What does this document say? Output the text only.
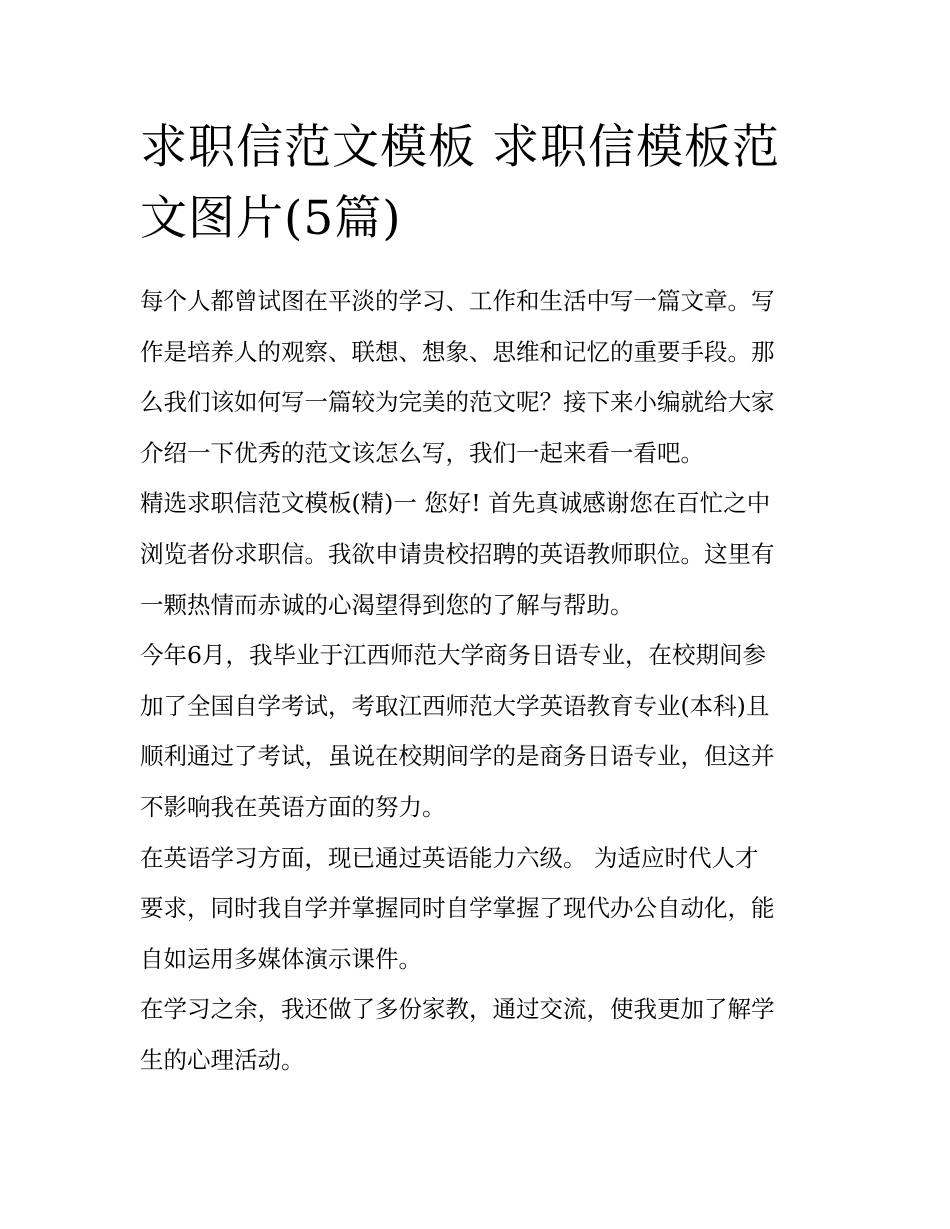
求职信范文模板 求职信模板范
文图片(5篇)
每个人都曾试图在平淡的学习、工作和生活中写一篇文章。写
作是培养人的观察、联想、想象、思维和记忆的重要手段。那
么我们该如何写一篇较为完美的范文呢？接下来小编就给大家
介绍一下优秀的范文该怎么写，我们一起来看一看吧。
精选求职信范文模板(精)一 您好! 首先真诚感谢您在百忙之中
浏览者份求职信。我欲申请贵校招聘的英语教师职位。这里有
一颗热情而赤诚的心渴望得到您的了解与帮助。
今年6月，我毕业于江西师范大学商务日语专业，在校期间参
加了全国自学考试，考取江西师范大学英语教育专业(本科)且
顺利通过了考试，虽说在校期间学的是商务日语专业，但这并
不影响我在英语方面的努力。
在英语学习方面，现已通过英语能力六级。 为适应时代人才
要求，同时我自学并掌握同时自学掌握了现代办公自动化，能
自如运用多媒体演示课件。
在学习之余，我还做了多份家教，通过交流，使我更加了解学
生的心理活动。
